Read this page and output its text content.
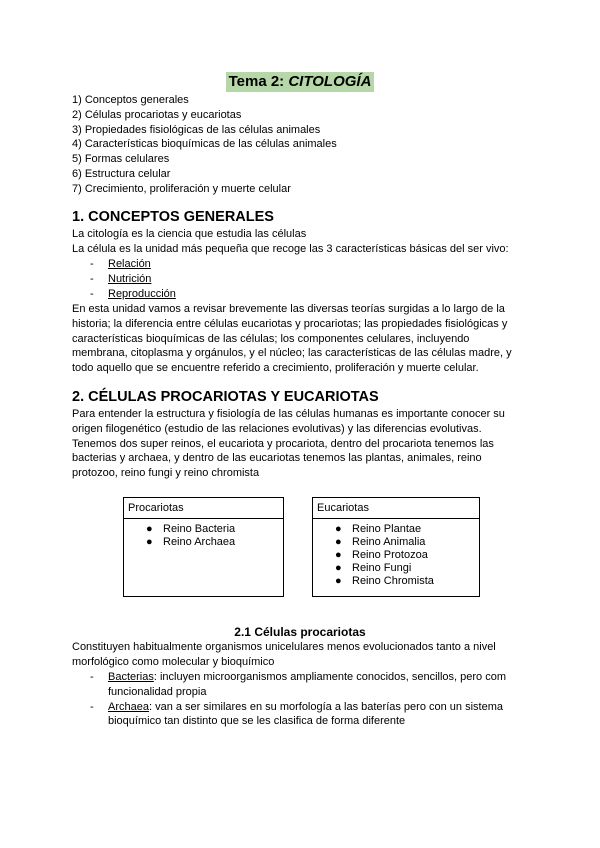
Tema 2: CITOLOGÍA
1) Conceptos generales
2) Células procariotas y eucariotas
3) Propiedades fisiológicas de las células animales
4) Características bioquímicas de las células animales
5) Formas celulares
6) Estructura celular
7) Crecimiento, proliferación y muerte celular
1. CONCEPTOS GENERALES
La citología es la ciencia que estudia las células
La célula es la unidad más pequeña que recoge las 3 características básicas del ser vivo:
- Relación
- Nutrición
- Reproducción
En esta unidad vamos a revisar brevemente las diversas teorías surgidas a lo largo de la
historia; la diferencia entre células eucariotas y procariotas; las propiedades fisiológicas y
características bioquímicas de las células; los componentes celulares, incluyendo
membrana, citoplasma y orgánulos, y el núcleo; las características de las células madre, y
todo aquello que se encuentre referido a crecimiento, proliferación y muerte celular.
2. CÉLULAS PROCARIOTAS Y EUCARIOTAS
Para entender la estructura y fisiología de las células humanas es importante conocer su
origen filogenético (estudio de las relaciones evolutivas) y las diferencias evolutivas.
Tenemos dos super reinos, el eucariota y procariota, dentro del procariota tenemos las
bacterias y archaea, y dentro de las eucariotas tenemos las plantas, animales, reino
protozoo, reino fungi y reino chromista
Procariotas
● Reino Bacteria
● Reino Archaea
Eucariotas
● Reino Plantae
● Reino Animalia
● Reino Protozoa
● Reino Fungi
● Reino Chromista
2.1 Células procariotas
Constituyen habitualmente organismos unicelulares menos evolucionados tanto a nivel
morfológico como molecular y bioquímico
- Bacterias: incluyen microorganismos ampliamente conocidos, sencillos, pero com
funcionalidad propia
- Archaea: van a ser similares en su morfología a las baterías pero con un sistema
bioquímico tan distinto que se les clasifica de forma diferente
